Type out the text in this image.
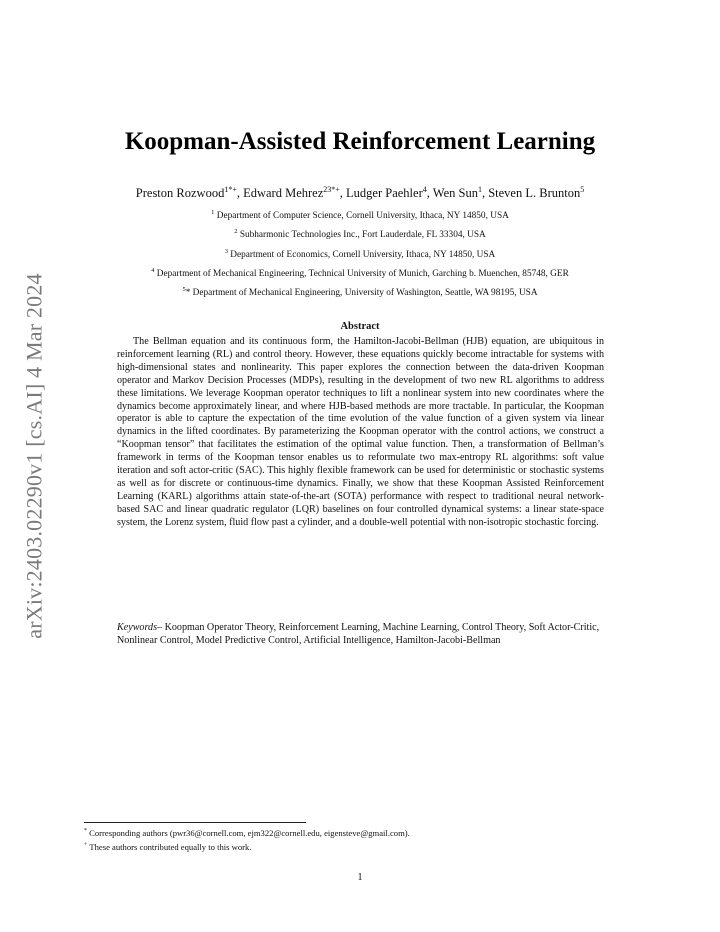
arXiv:2403.02290v1 [cs.AI] 4 Mar 2024
Koopman-Assisted Reinforcement Learning
Preston Rozwood$^{1*+}$, Edward Mehrez$^{23*+}$, Ludger Paehler$^4$, Wen Sun$^1$, Steven L. Brunton$^5$
$^1$ Department of Computer Science, Cornell University, Ithaca, NY 14850, USA
$^2$ Subharmonic Technologies Inc., Fort Lauderdale, FL 33304, USA
$^3$ Department of Economics, Cornell University, Ithaca, NY 14850, USA
$^4$ Department of Mechanical Engineering, Technical University of Munich, Garching b. Muenchen, 85748, GER
$^5$* Department of Mechanical Engineering, University of Washington, Seattle, WA 98195, USA
Abstract

The Bellman equation and its continuous form, the Hamilton-Jacobi-Bellman (HJB) equation, are ubiquitous in reinforcement learning (RL) and control theory. However, these equations quickly become intractable for systems with high-dimensional states and nonlinearity. This paper explores the connection between the data-driven Koopman operator and Markov Decision Processes (MDPs), resulting in the development of two new RL algorithms to address these limitations. We leverage Koopman operator techniques to lift a nonlinear system into new coordinates where the dynamics become approximately linear, and where HJB-based methods are more tractable. In particular, the Koopman operator is able to capture the expectation of the time evolution of the value function of a given system via linear dynamics in the lifted coordinates. By parameterizing the Koopman operator with the control actions, we construct a “Koopman tensor” that facilitates the estimation of the optimal value function. Then, a transformation of Bellman’s framework in terms of the Koopman tensor enables us to reformulate two max-entropy RL algorithms: soft value iteration and soft actor-critic (SAC). This highly flexible framework can be used for deterministic or stochastic systems as well as for discrete or continuous-time dynamics. Finally, we show that these Koopman Assisted Reinforcement Learning (KARL) algorithms attain state-of-the-art (SOTA) performance with respect to traditional neural network-based SAC and linear quadratic regulator (LQR) baselines on four controlled dynamical systems: a linear state-space system, the Lorenz system, fluid flow past a cylinder, and a double-well potential with non-isotropic stochastic forcing.

Keywords– Koopman Operator Theory, Reinforcement Learning, Machine Learning, Control Theory, Soft Actor-Critic, Nonlinear Control, Model Predictive Control, Artificial Intelligence, Hamilton-Jacobi-Bellman

* Corresponding authors (pwr36@cornell.com, ejm322@cornell.edu, eigensteve@gmail.com).
+ These authors contributed equally to this work.
1
